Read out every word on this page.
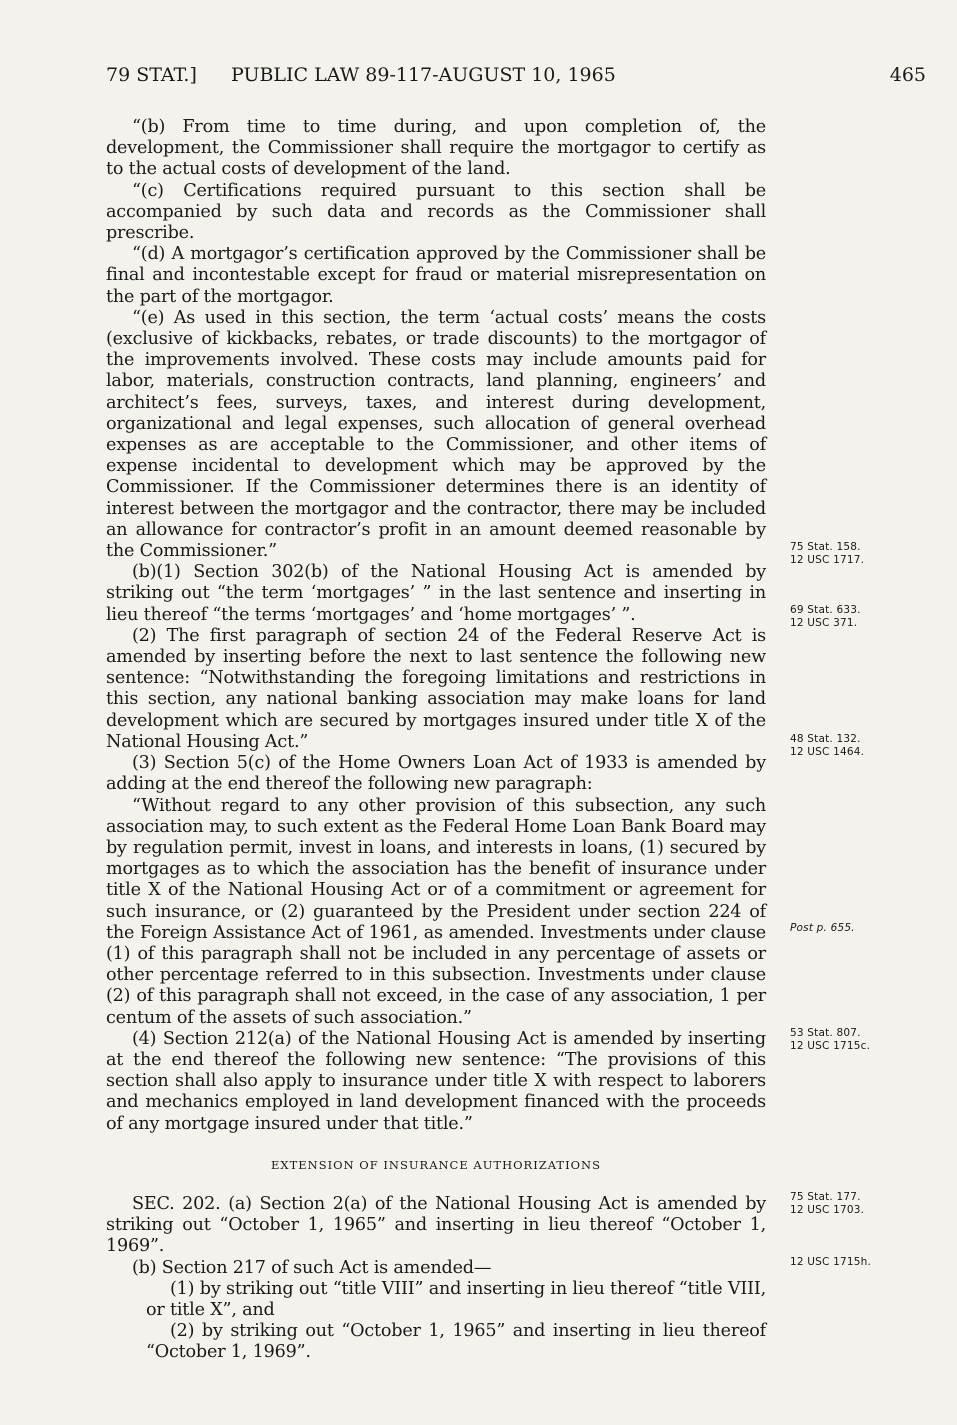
79 STAT.] PUBLIC LAW 89-117-AUGUST 10, 1965	465

“(b) From time to time during, and upon completion of, the development, the Commissioner shall require the mortgagor to certify as to the actual costs of development of the land.

“(c) Certifications required pursuant to this section shall be accompanied by such data and records as the Commissioner shall prescribe.

“(d) A mortgagor’s certification approved by the Commissioner shall be final and incontestable except for fraud or material misrepresentation on the part of the mortgagor.

“(e) As used in this section, the term ‘actual costs’ means the costs (exclusive of kickbacks, rebates, or trade discounts) to the mortgagor of the improvements involved. These costs may include amounts paid for labor, materials, construction contracts, land planning, engineers’ and architect’s fees, surveys, taxes, and interest during development, organizational and legal expenses, such allocation of general overhead expenses as are acceptable to the Commissioner, and other items of expense incidental to development which may be approved by the Commissioner. If the Commissioner determines there is an identity of interest between the mortgagor and the contractor, there may be included an allowance for contractor’s profit in an amount deemed reasonable by the Commissioner.”

(b)(1) Section 302(b) of the National Housing Act is amended by striking out “the term ‘mortgages’ ” in the last sentence and inserting in lieu thereof “the terms ‘mortgages’ and ‘home mortgages’ ”.

(2) The first paragraph of section 24 of the Federal Reserve Act is amended by inserting before the next to last sentence the following new sentence: “Notwithstanding the foregoing limitations and restrictions in this section, any national banking association may make loans for land development which are secured by mortgages insured under title X of the National Housing Act.”

(3) Section 5(c) of the Home Owners Loan Act of 1933 is amended by adding at the end thereof the following new paragraph:

“Without regard to any other provision of this subsection, any such association may, to such extent as the Federal Home Loan Bank Board may by regulation permit, invest in loans, and interests in loans, (1) secured by mortgages as to which the association has the benefit of insurance under title X of the National Housing Act or of a commitment or agreement for such insurance, or (2) guaranteed by the President under section 224 of the Foreign Assistance Act of 1961, as amended. Investments under clause (1) of this paragraph shall not be included in any percentage of assets or other percentage referred to in this subsection. Investments under clause (2) of this paragraph shall not exceed, in the case of any association, 1 per centum of the assets of such association.”

(4) Section 212(a) of the National Housing Act is amended by inserting at the end thereof the following new sentence: “The provisions of this section shall also apply to insurance under title X with respect to laborers and mechanics employed in land development financed with the proceeds of any mortgage insured under that title.”

EXTENSION OF INSURANCE AUTHORIZATIONS

SEC. 202. (a) Section 2(a) of the National Housing Act is amended by striking out “October 1, 1965” and inserting in lieu thereof “October 1, 1969”.

(b) Section 217 of such Act is amended—

(1) by striking out “title VIII” and inserting in lieu thereof “title VIII, or title X”, and

(2) by striking out “October 1, 1965” and inserting in lieu thereof “October 1, 1969”.

75 Stat. 158.
12 USC 1717.
69 Stat. 633.
12 USC 371.
48 Stat. 132.
12 USC 1464.
Post p. 655.
53 Stat. 807.
12 USC 1715c.
75 Stat. 177.
12 USC 1703.
12 USC 1715h.
